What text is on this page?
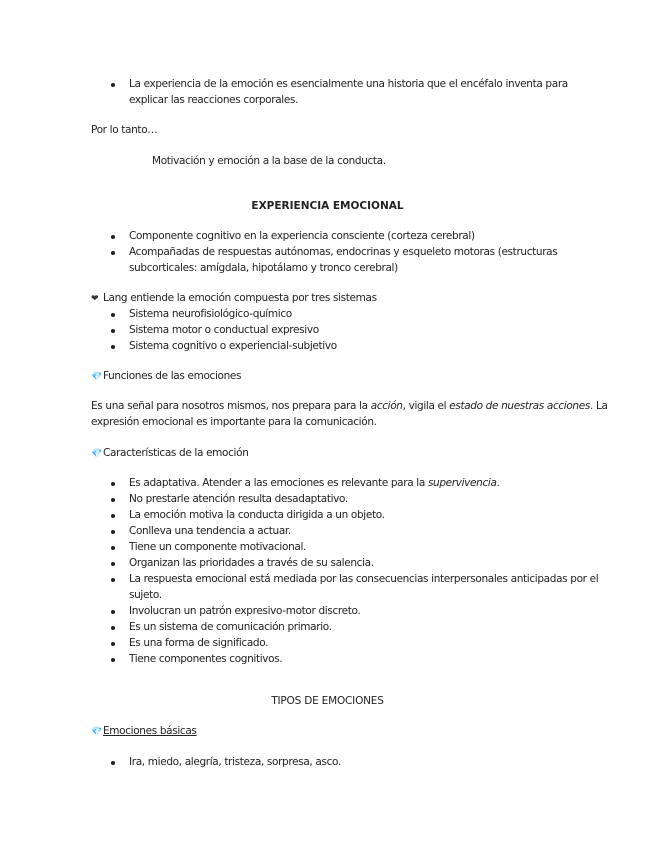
La experiencia de la emoción es esencialmente una historia que el encéfalo inventa para
explicar las reacciones corporales.
Por lo tanto…
Motivación y emoción a la base de la conducta.
EXPERIENCIA EMOCIONAL
Componente cognitivo en la experiencia consciente (corteza cerebral)
Acompañadas de respuestas autónomas, endocrinas y esqueleto motoras (estructuras
subcorticales: amígdala, hipotálamo y tronco cerebral)
❤ Lang entiende la emoción compuesta por tres sistemas
Sistema neurofisiológico-químico
Sistema motor o conductual expresivo
Sistema cognitivo o experiencial-subjetivo
💎Funciones de las emociones
Es una señal para nosotros mismos, nos prepara para la acción, vigila el estado de nuestras acciones. La
expresión emocional es importante para la comunicación.
💎Características de la emoción
Es adaptativa. Atender a las emociones es relevante para la supervivencia.
No prestarle atención resulta desadaptativo.
La emoción motiva la conducta dirigida a un objeto.
Conlleva una tendencia a actuar.
Tiene un componente motivacional.
Organizan las prioridades a través de su salencia.
La respuesta emocional está mediada por las consecuencias interpersonales anticipadas por el
sujeto.
Involucran un patrón expresivo-motor discreto.
Es un sistema de comunicación primario.
Es una forma de significado.
Tiene componentes cognitivos.
TIPOS DE EMOCIONES
💎Emociones básicas
Ira, miedo, alegría, tristeza, sorpresa, asco.
